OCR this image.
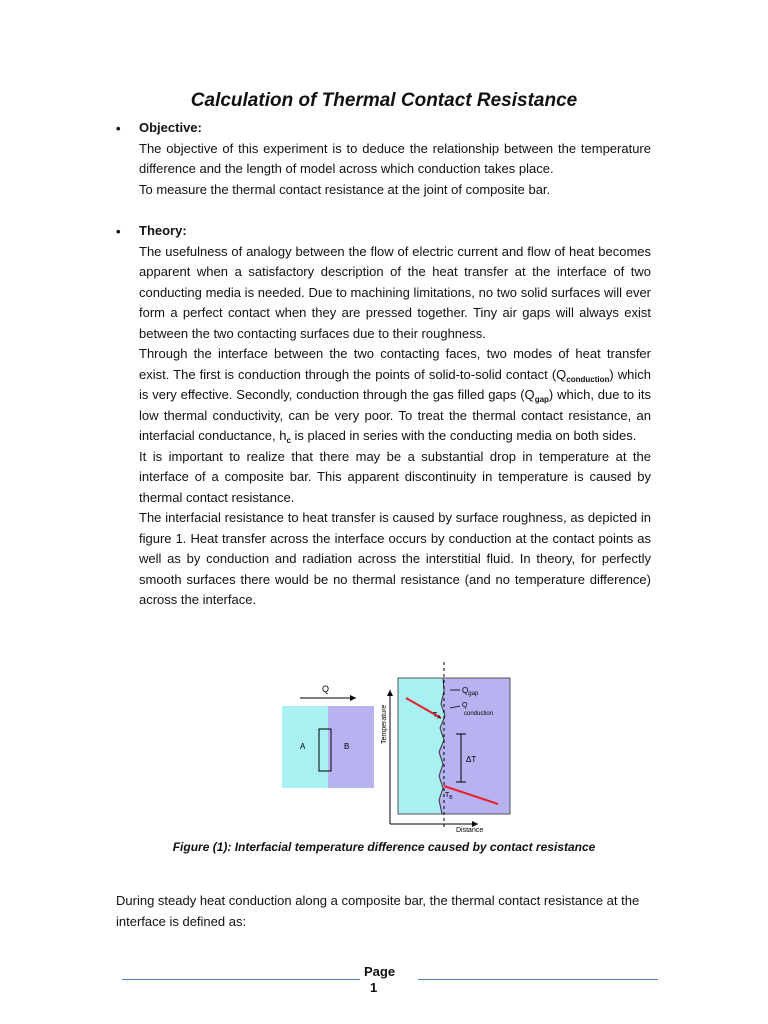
Calculation of Thermal Contact Resistance
• Objective:

The objective of this experiment is to deduce the relationship between the temperature difference and the length of model across which conduction takes place.

To measure the thermal contact resistance at the joint of composite bar.

• Theory:

The usefulness of analogy between the flow of electric current and flow of heat becomes apparent when a satisfactory description of the heat transfer at the interface of two conducting media is needed. Due to machining limitations, no two solid surfaces will ever form a perfect contact when they are pressed together. Tiny air gaps will always exist between the two contacting surfaces due to their roughness.

Through the interface between the two contacting faces, two modes of heat transfer exist. The first is conduction through the points of solid-to-solid contact $(Q_{conduction})$ which is very effective. Secondly, conduction through the gas filled gaps $(Q_{gap})$ which, due to its low thermal conductivity, can be very poor. To treat the thermal contact resistance, an interfacial conductance, $h_c$ is placed in series with the conducting media on both sides.

It is important to realize that there may be a substantial drop in temperature at the interface of a composite bar. This apparent discontinuity in temperature is caused by thermal contact resistance.

The interfacial resistance to heat transfer is caused by surface roughness, as depicted in figure 1. Heat transfer across the interface occurs by conduction at the contact points as well as by conduction and radiation across the interstitial fluid. In theory, for perfectly smooth surfaces there would be no thermal resistance (and no temperature difference) across the interface.

Q
A	B
Temperature
Distance
$Q_{gap}$
Q conduction
$T_A$
$T_B$
ΔT

Figure (1): Interfacial temperature difference caused by contact resistance

During steady heat conduction along a composite bar, the thermal contact resistance at the interface is defined as:

Page
1
